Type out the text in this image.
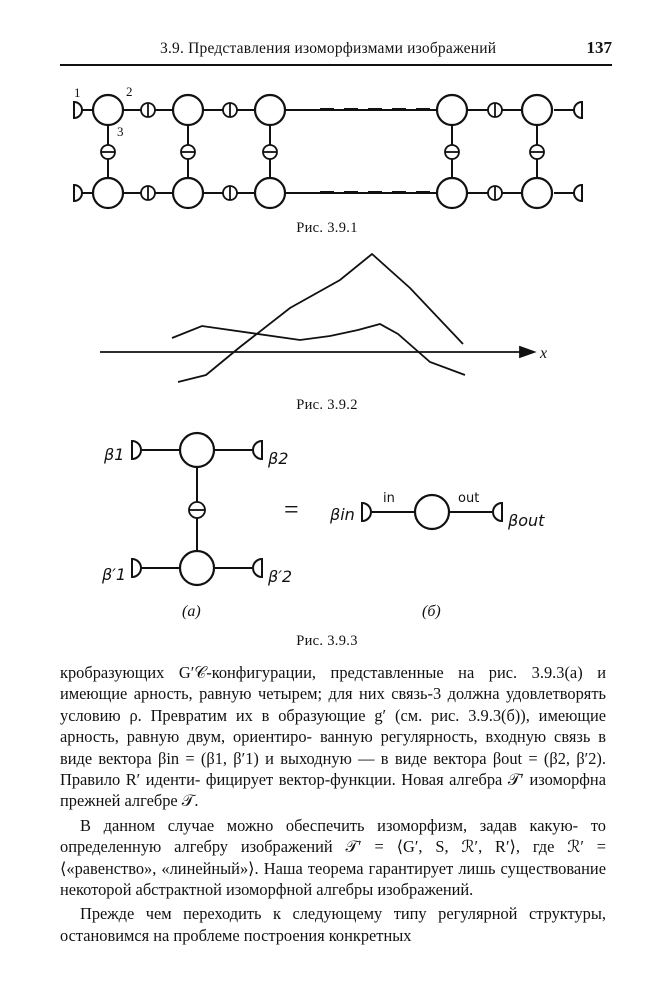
3.9. Представления изоморфизмами изображений	137
1	2
3
Рис. 3.9.1
x
Рис. 3.9.2
=
β1	β2
β′1	β′2
βin	βout
in	out
(а)	(б)
Рис. 3.9.3

кробразующих G′𝒞-конфигурации, представленные на рис. 3.9.3(а) и имеющие арность, равную четырем; для них связь-3 должна удовлетворять условию ρ. Превратим их в образующие g′ (см. рис. 3.9.3(б)), имеющие арность, равную двум, ориентиро- ванную регулярность, входную связь в виде вектора βin = (β1, β′1) и выходную — в виде вектора βout = (β2, β′2). Правило R′ иденти- фицирует вектор-функции. Новая алгебра 𝒯′ изоморфна прежней алгебре 𝒯.

В данном случае можно обеспечить изоморфизм, задав какую- то определенную алгебру изображений 𝒯′ = ⟨G′, S, ℛ′, R′⟩, где ℛ′ = ⟨«равенство», «линейный»⟩. Наша теорема гарантирует лишь существование некоторой абстрактной изоморфной алгебры изображений.

Прежде чем переходить к следующему типу регулярной структуры, остановимся на проблеме построения конкретных
